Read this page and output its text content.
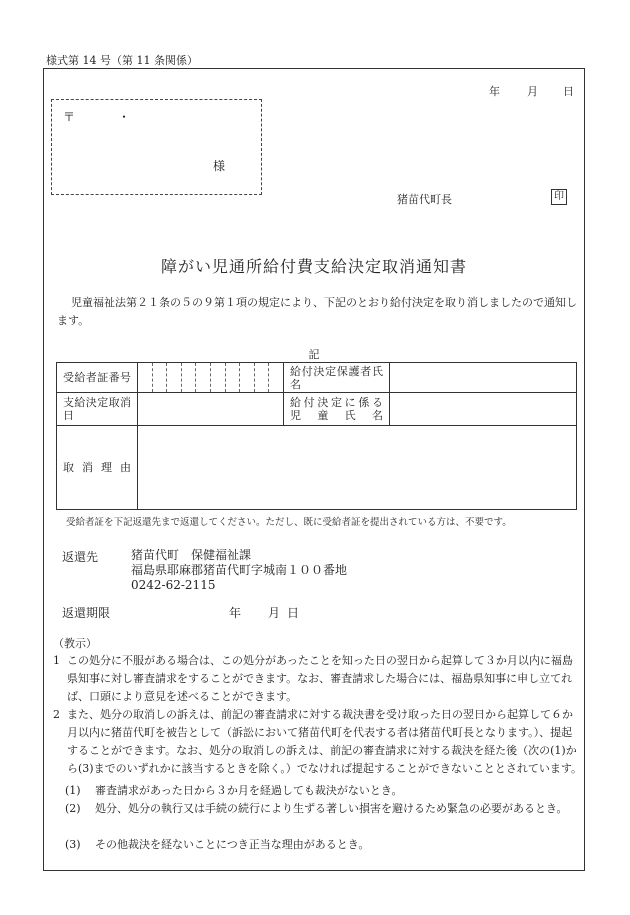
様式第 14 号（第 11 条関係）
年 月 日
〒	・
様
猪苗代町長	印
障がい児通所給付費支給決定取消通知書
児童福祉法第２１条の５の９第１項の規定により、下記のとおり給付決定を取り消しましたので通知します。
記
受給者証番号		給付決定保護者氏名	

支給決定取消日		給付決定に係る
児童氏名	

取消理由			

受給者証を下記返還先まで返還してください。ただし、既に受給者証を提出されている方は、不要です。
返還先	猪苗代町　保健福祉課
福島県耶麻郡猪苗代町字城南１００番地
0242-62-2115
返還期限	年 月 日
（教示）
1 この処分に不服がある場合は、この処分があったことを知った日の翌日から起算して３か月以内に福島県知事に対し審査請求をすることができます。なお、審査請求した場合には、福島県知事に申し立てれば、口頭により意見を述べることができます。
2 また、処分の取消しの訴えは、前記の審査請求に対する裁決書を受け取った日の翌日から起算して６か月以内に猪苗代町を被告として（訴訟において猪苗代町を代表する者は猪苗代町長となります。）、提起することができます。なお、処分の取消しの訴えは、前記の審査請求に対する裁決を経た後（次の(1)から(3)までのいずれかに該当するときを除く。）でなければ提起することができないこととされています。
(1) 審査請求があった日から３か月を経過しても裁決がないとき。
(2) 処分、処分の執行又は手続の続行により生ずる著しい損害を避けるため緊急の必要があるとき。
(3) その他裁決を経ないことにつき正当な理由があるとき。
